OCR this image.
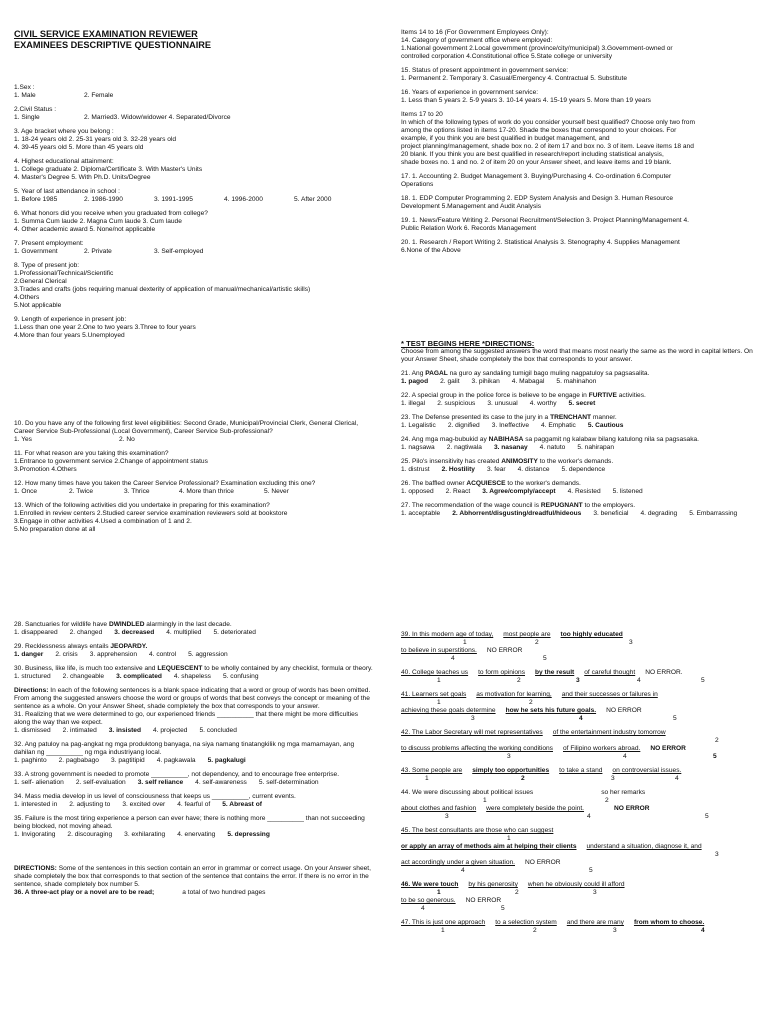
CIVIL SERVICE EXAMINATION REVIEWER
EXAMINEES DESCRIPTIVE QUESTIONNAIRE

1.Sex :

1. Male	2. Female

2.Civil Status :

1. Single	2. Married3. Widow/widower 4. Separated/Divorce

3. Age bracket where you belong :

1. 18-24 years old 2. 25-31 years old 3. 32-28 years old

4. 39-45 years old 5. More than 45 years old

4. Highest educational attainment:

1. College graduate 2. Diploma/Certificate 3. With Master's Units

4. Master's Degree 5. With Ph.D. Units/Degree

5. Year of last attendance in school :

1. Before 1985	2. 1986-1990	3. 1991-1995	4. 1996-2000	5. After 2000

6. What honors did you receive when you graduated from college?

1. Summa Cum laude 2. Magna Cum laude 3. Cum laude

4. Other academic award 5. None/not applicable

7. Present employment:

1. Government	2. Private	3. Self-employed

8. Type of present job:

1.Professional/Technical/Scientific

2.General Clerical

3.Trades and crafts (jobs requiring manual dexterity of application of manual/mechanical/artistic skills)

4.Others

5.Not applicable

9. Length of experience in present job:

1.Less than one year 2.One to two years 3.Three to four years

4.More than four years 5.Unemployed

10. Do you have any of the following first level eligibilities: Second Grade, Municipal/Provincial Clerk, General Clerical, Career Service Sub-Professional (Local Government), Career Service Sub-professional?

1. Yes	2. No

11. For what reason are you taking this examination?

1.Entrance to government service 2.Change of appointment status

3.Promotion 4.Others

12. How many times have you taken the Career Service Professional? Examination excluding this one?

1. Once	2. Twice	3. Thrice	4. More than thrice	5. Never

13. Which of the following activities did you undertake in preparing for this examination?

1.Enrolled in review centers 2.Studied career service examination reviewers sold at bookstore

3.Engage in other activities 4.Used a combination of 1 and 2.

5.No preparation done at all

Items 14 to 16 (For Government Employees Only):

14. Category of government office where employed:

1.National government 2.Local government (province/city/municipal) 3.Government-owned or

controlled corporation 4.Constitutional office 5.State college or university

15. Status of present appointment in government service:

1. Permanent 2. Temporary 3. Casual/Emergency 4. Contractual 5. Substitute

16. Years of experience in government service:

1. Less than 5 years 2. 5-9 years 3. 10-14 years 4. 15-19 years 5. More than 19 years

Items 17 to 20

In which of the following types of work do you consider yourself best qualified? Choose only two from

among the options listed in items 17-20. Shade the boxes that correspond to your choices. For

example, if you think you are best qualified in budget management, and

project planning/management, shade box no. 2 of item 17 and box no. 3 of item. Leave items 18 and

20 blank. If you think you are best qualified in research/report including statistical analysis,

shade boxes no. 1 and no. 2 of item 20 on your Answer sheet, and leave items and 19 blank.

17. 1. Accounting 2. Budget Management 3. Buying/Purchasing 4. Co-ordination 6.Computer

Operations

18. 1. EDP Computer Programming 2. EDP System Analysis and Design 3. Human Resource

Development 5.Management and Audit Analysis

19. 1. News/Feature Writing 2. Personal Recruitment/Selection 3. Project Planning/Management 4.

Public Relation Work 6. Records Management

20. 1. Research / Report Writing 2. Statistical Analysis 3. Stenography 4. Supplies Management

6.None of the Above

* TEST BEGINS HERE *DIRECTIONS:

Choose from among the suggested answers the word that means most nearly the same as the word in capital letters. On your Answer Sheet, shade completely the box that corresponds to your answer.

21. Ang PAGAL na guro ay sandaling tumigil bago muling nagpatuloy sa pagsasalita.

1. pagod 2. galit 3. pihikan 4. Mabagal 5. mahinahon

22. A special group in the police force is believe to be engage in FURTIVE activities.

1. illegal 2. suspicious 3. unusual 4. worthy 5. secret

23. The Defense presented its case to the jury in a TRENCHANT manner.

1. Legalistic 2. dignified 3. Ineffective 4. Emphatic 5. Cautious

24. Ang mga mag-bubukid ay NABIHASA sa paggamit ng kalabaw bilang katulong nila sa pagsasaka.

1. nagsawa 2. nagtiwala 3. nasanay 4. natuto 5. nahirapan

25. Pilo's insensitivity has created ANIMOSITY to the worker's demands.

1. distrust 2. Hostility 3. fear 4. distance 5. dependence

26. The baffled owner ACQUIESCE to the worker's demands.

1. opposed 2. React 3. Agree/comply/accept 4. Resisted 5. listened

27. The recommendation of the wage council is REPUGNANT to the employers.

1. acceptable 2. Abhorrent/disgusting/dreadful/hideous 3. beneficial 4. degrading 5. Embarrassing

28. Sanctuaries for wildlife have DWINDLED alarmingly in the last decade.

1. disappeared 2. changed 3. decreased 4. multiplied 5. deteriorated

29. Recklessness always entails JEOPARDY.

1. danger 2. crisis 3. apprehension 4. control 5. aggression

30. Business, like life, is much too extensive and LEQUESCENT to be wholly contained by any checklist, formula or theory.

1. structured 2. changeable 3. complicated 4. shapeless 5. confusing

Directions: In each of the following sentences is a blank space indicating that a word or group of words has been omitted. From among the suggested answers choose the word or groups of words that best conveys the concept or meaning of the sentence as a whole. On your Answer Sheet, shade completely the box that corresponds to your answer.

31. Realizing that we were determined to go, our experienced friends __________ that there might be more difficulties along the way than we expect.

1. dismissed 2. intimated 3. insisted 4. projected 5. concluded

32. Ang patuloy na pag-angkat ng mga produktong banyaga, na siya namang tinatangkilik ng mga mamamayan, ang dahilan ng __________ ng mga industriyang local.

1. paghinto 2. pagbabago 3. pagtitipid 4. pagkawala 5. pagkalugi

33. A strong government is needed to promote __________, not dependency, and to encourage free enterprise.

1. self- alienation 2. self-evaluation 3. self reliance 4. self-awareness 5. self-determination

34. Mass media develop in us level of consciousness that keeps us __________, current events.

1. interested in 2. adjusting to 3. excited over 4. fearful of 5. Abreast of

35. Failure is the most tiring experience a person can ever have; there is nothing more __________ than not succeeding being blocked, not moving ahead.

1. Invigorating 2. discouraging 3. exhilarating 4. enervating 5. depressing

DIRECTIONS: Some of the sentences in this section contain an error in grammar or correct usage. On your Answer sheet, shade completely the box that corresponds to that section of the sentence that contains the error. If there is no error in the sentence, shade completely box number 5.

36. A three-act play or a novel are to be read;	a total of two hundred pages

39. In this modern age of today, most people are too highly educated
1	2	3
to believe in superstitions. NO ERROR
4	5
40. College teaches us to form opinions by the result of careful thought NO ERROR.
1	2	3	4	5
41. Learners set goals as motivation for learning, and their successes or failures in
1	2
achieving these goals determine how he sets his future goals. NO ERROR
3	4	5
42. The Labor Secretary will met representatives of the entertainment industry tomorrow
2
to discuss problems affecting the working conditions of Filipino workers abroad. NO ERROR
3	4	5
43. Some people are simply too opportunities to take a stand on controversial issues.
1	2	3	4
44. We were discussing about political issues	so her remarks
1	2
about clothes and fashion were completely beside the point.	NO ERROR
3	4	5
45. The best consultants are those who can suggest
1
or apply an array of methods aim at helping their clients understand a situation, diagnose it, and
3
act accordingly under a given situation. NO ERROR
4	5
46. We were touch by his generosity when he obviously could ill afford
1	2	3
to be so generous. NO ERROR
4	5
47. This is just one approach to a selection system and there are many from whom to choose.
1	2	3	4
